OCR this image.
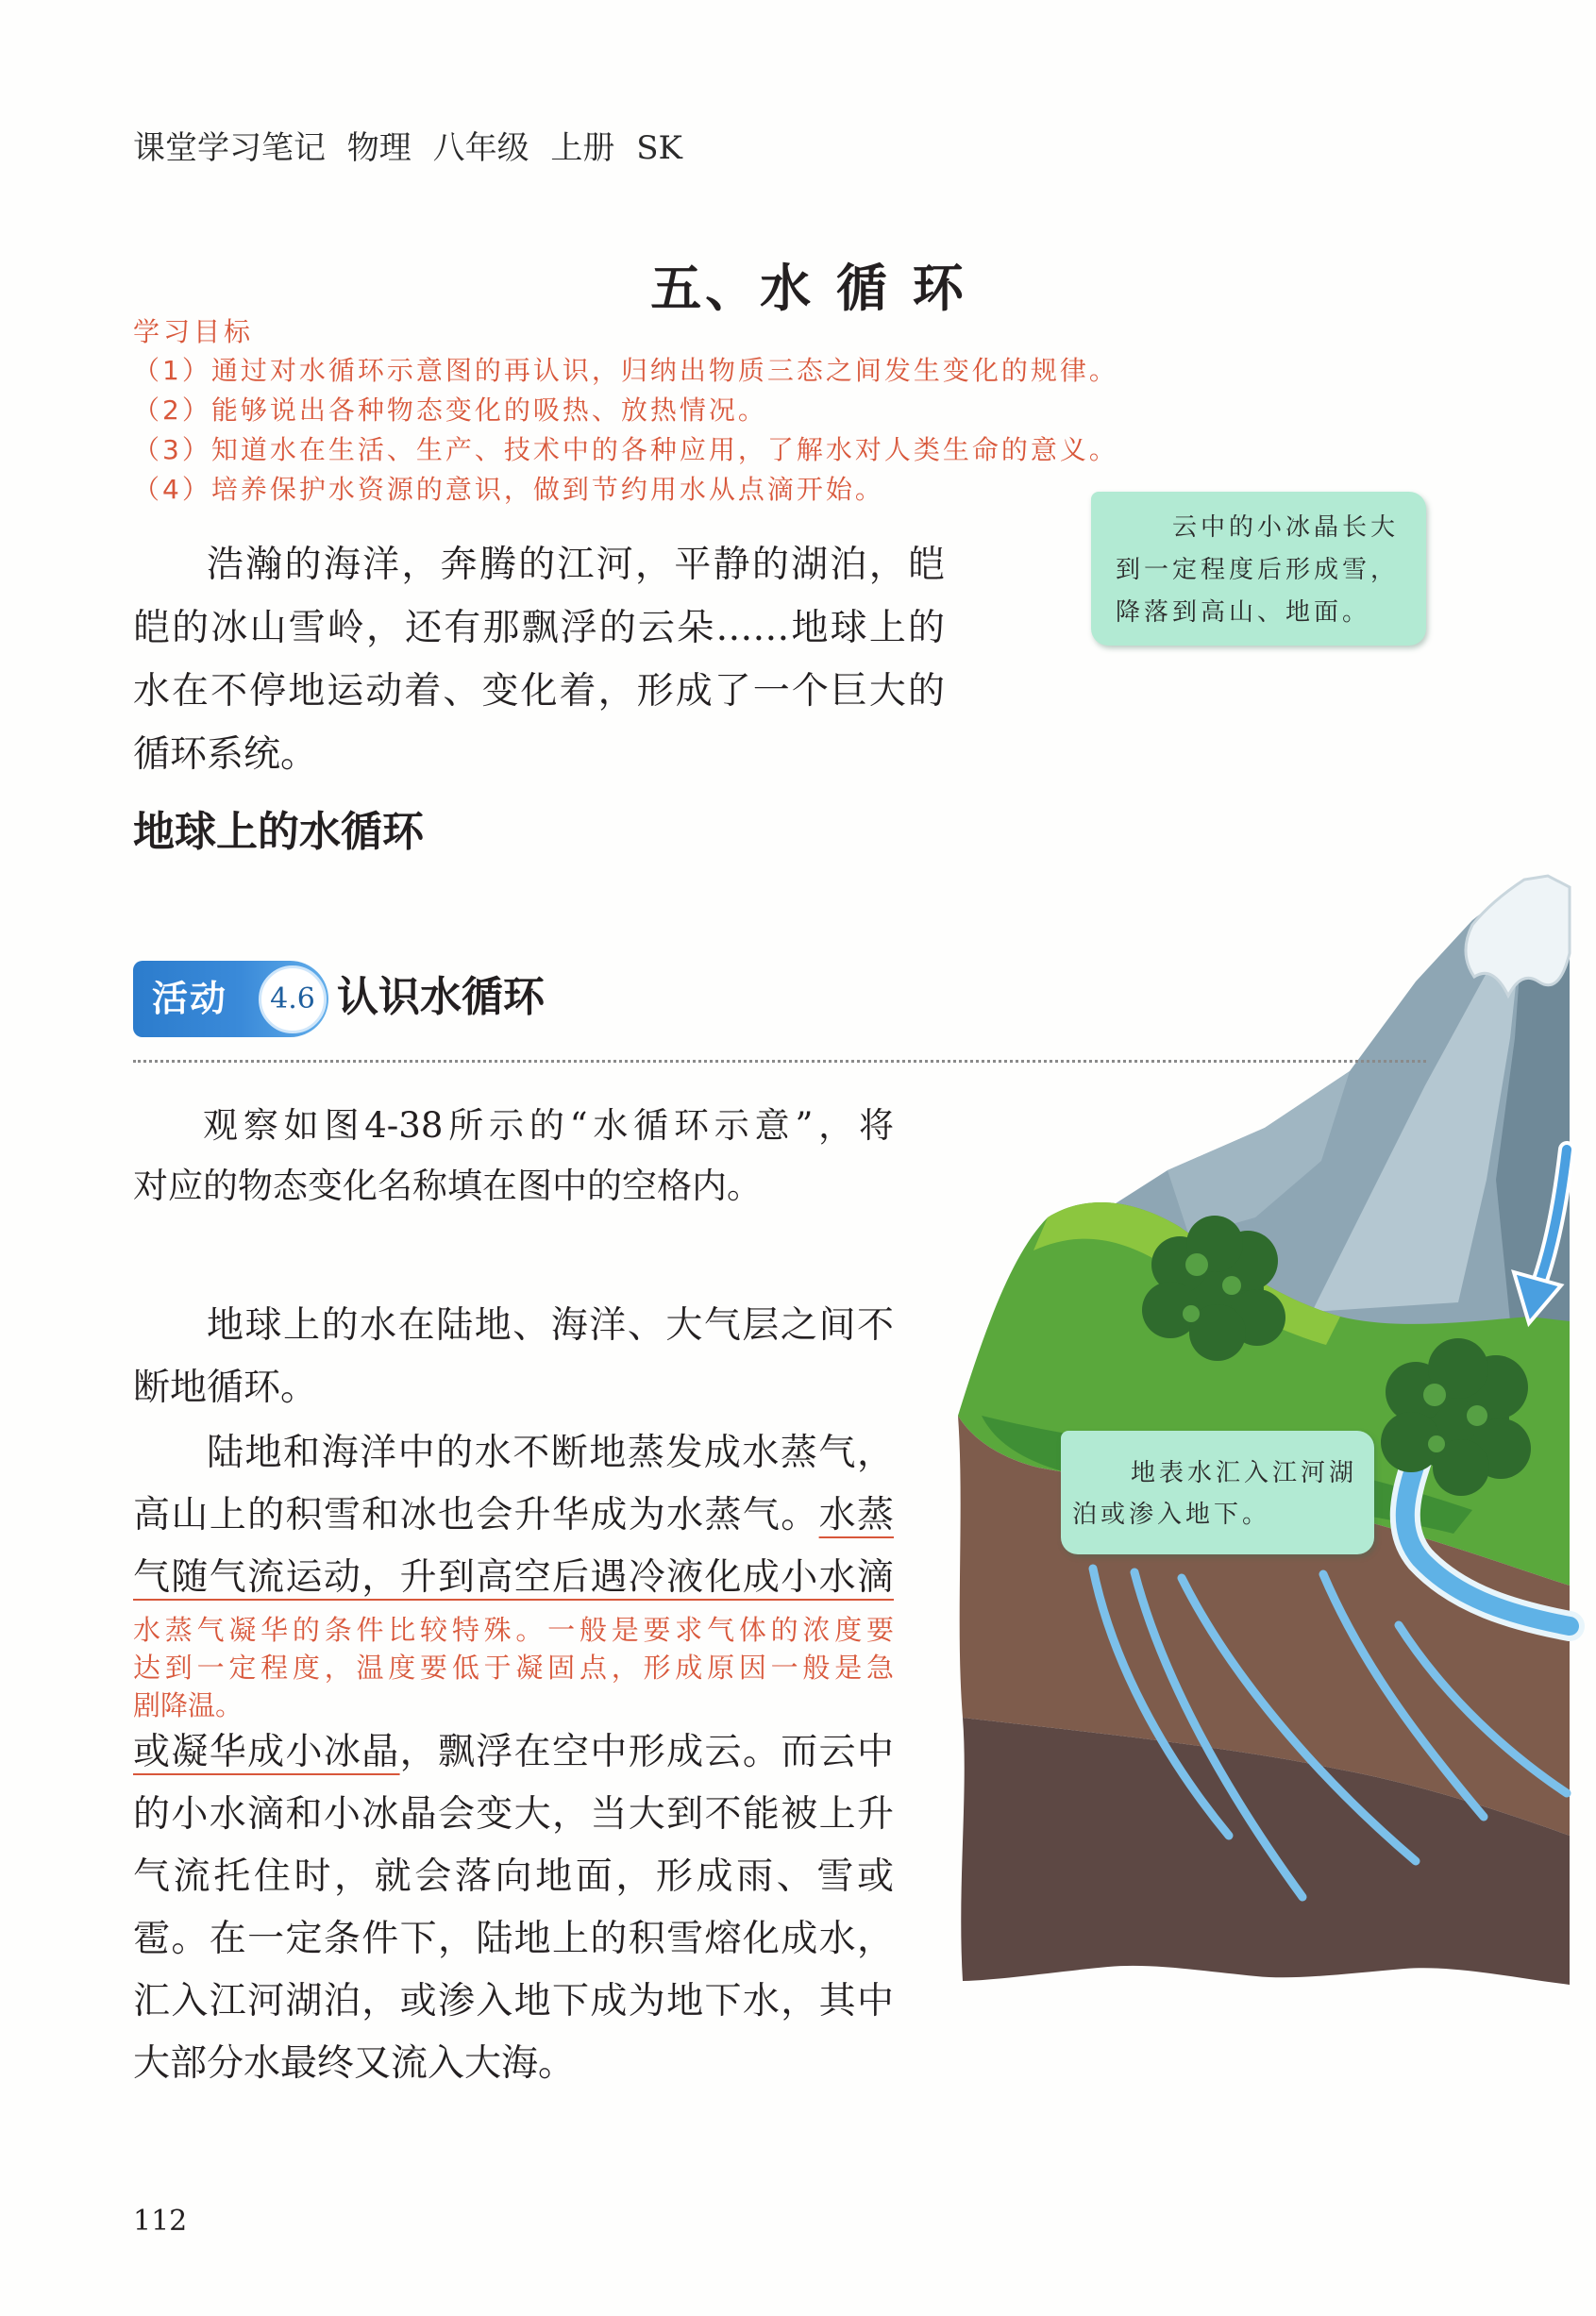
课堂学习笔记 物理 八年级 上册 SK
五、水 循 环
学习目标
（1）通过对水循环示意图的再认识，归纳出物质三态之间发生变化的规律。
（2）能够说出各种物态变化的吸热、放热情况。
（3）知道水在生活、生产、技术中的各种应用，了解水对人类生命的意义。
（4）培养保护水资源的意识，做到节约用水从点滴开始。
云中的小冰晶长大
到一定程度后形成雪，
降落到高山、地面。
浩瀚的海洋，奔腾的江河，平静的湖泊，皑
皑的冰山雪岭，还有那飘浮的云朵……地球上的
水在不停地运动着、变化着，形成了一个巨大的
循环系统。
地球上的水循环
活动	4.6 认识水循环
观察如图4-38所示的“水循环示意”，将
对应的物态变化名称填在图中的空格内。
地球上的水在陆地、海洋、大气层之间不
断地循环。
陆地和海洋中的水不断地蒸发成水蒸气，
高山上的积雪和冰也会升华成为水蒸气。水蒸
气随气流运动，升到高空后遇冷液化成小水滴
水蒸气凝华的条件比较特殊。一般是要求气体的浓度要
达到一定程度，温度要低于凝固点，形成原因一般是急
剧降温。
或凝华成小冰晶，飘浮在空中形成云。而云中
的小水滴和小冰晶会变大，当大到不能被上升
气流托住时，就会落向地面，形成雨、雪或
雹。在一定条件下，陆地上的积雪熔化成水，
汇入江河湖泊，或渗入地下成为地下水，其中
大部分水最终又流入大海。
地表水汇入江河湖
泊或渗入地下。
112
